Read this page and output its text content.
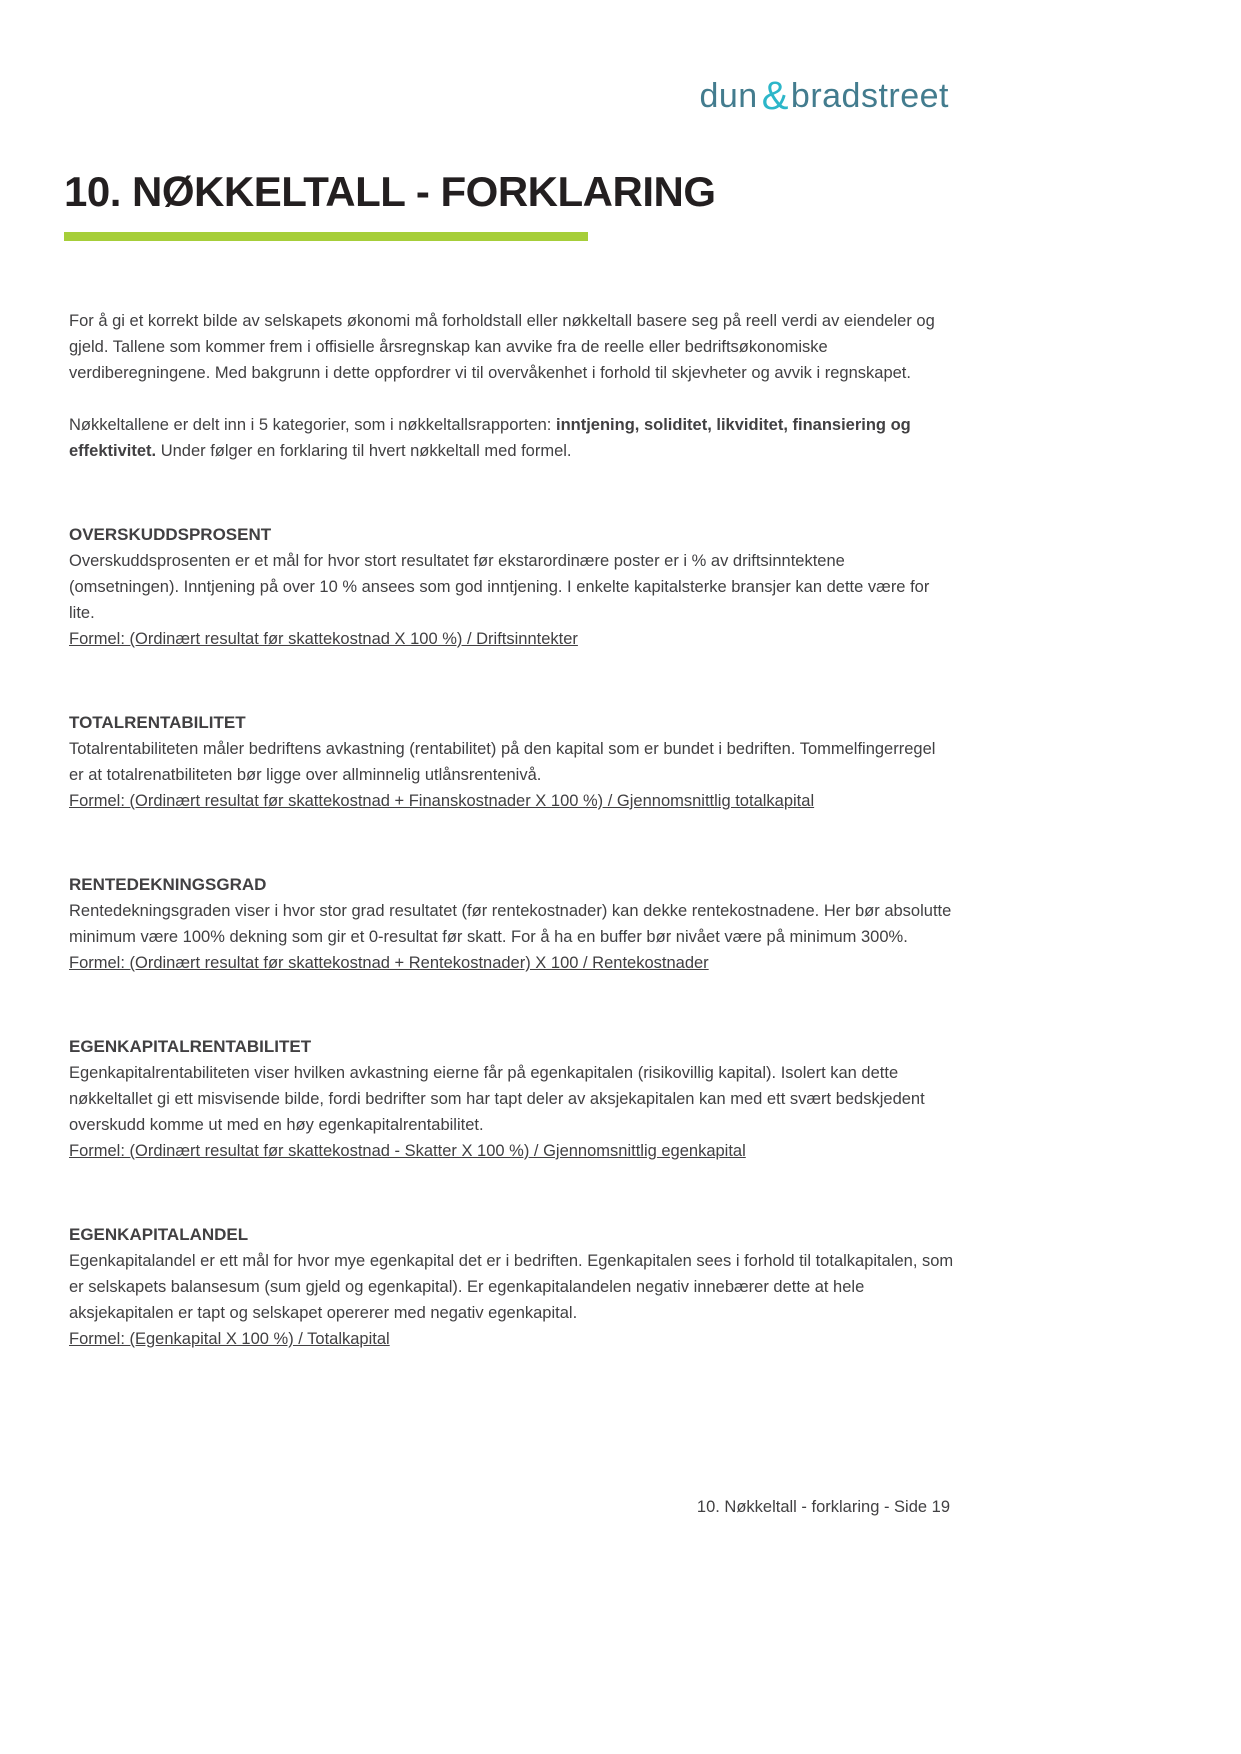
dun &bradstreet
10. NØKKELTALL - FORKLARING

For å gi et korrekt bilde av selskapets økonomi må forholdstall eller nøkkeltall basere seg på reell verdi av eiendeler og gjeld. Tallene som kommer frem i offisielle årsregnskap kan avvike fra de reelle eller bedriftsøkonomiske verdiberegningene. Med bakgrunn i dette oppfordrer vi til overvåkenhet i forhold til skjevheter og avvik i regnskapet.

Nøkkeltallene er delt inn i 5 kategorier, som i nøkkeltallsrapporten: inntjening, soliditet, likviditet, finansiering og effektivitet. Under følger en forklaring til hvert nøkkeltall med formel.

OVERSKUDDSPROSENT

Overskuddsprosenten er et mål for hvor stort resultatet før ekstarordinære poster er i % av driftsinntektene (omsetningen). Inntjening på over 10 % ansees som god inntjening. I enkelte kapitalsterke bransjer kan dette være for lite.

Formel: (Ordinært resultat før skattekostnad X 100 %) / Driftsinntekter

TOTALRENTABILITET

Totalrentabiliteten måler bedriftens avkastning (rentabilitet) på den kapital som er bundet i bedriften. Tommelfingerregel er at totalrenatbiliteten bør ligge over allminnelig utlånsrentenivå.

Formel: (Ordinært resultat før skattekostnad + Finanskostnader X 100 %) / Gjennomsnittlig totalkapital

RENTEDEKNINGSGRAD

Rentedekningsgraden viser i hvor stor grad resultatet (før rentekostnader) kan dekke rentekostnadene. Her bør absolutte minimum være 100% dekning som gir et 0-resultat før skatt. For å ha en buffer bør nivået være på minimum 300%.

Formel: (Ordinært resultat før skattekostnad + Rentekostnader) X 100 / Rentekostnader

EGENKAPITALRENTABILITET

Egenkapitalrentabiliteten viser hvilken avkastning eierne får på egenkapitalen (risikovillig kapital). Isolert kan dette nøkkeltallet gi ett misvisende bilde, fordi bedrifter som har tapt deler av aksjekapitalen kan med ett svært bedskjedent overskudd komme ut med en høy egenkapitalrentabilitet.

Formel: (Ordinært resultat før skattekostnad - Skatter X 100 %) / Gjennomsnittlig egenkapital

EGENKAPITALANDEL

Egenkapitalandel er ett mål for hvor mye egenkapital det er i bedriften. Egenkapitalen sees i forhold til totalkapitalen, som er selskapets balansesum (sum gjeld og egenkapital). Er egenkapitalandelen negativ innebærer dette at hele aksjekapitalen er tapt og selskapet opererer med negativ egenkapital.

Formel: (Egenkapital X 100 %) / Totalkapital

10. Nøkkeltall - forklaring - Side 19
